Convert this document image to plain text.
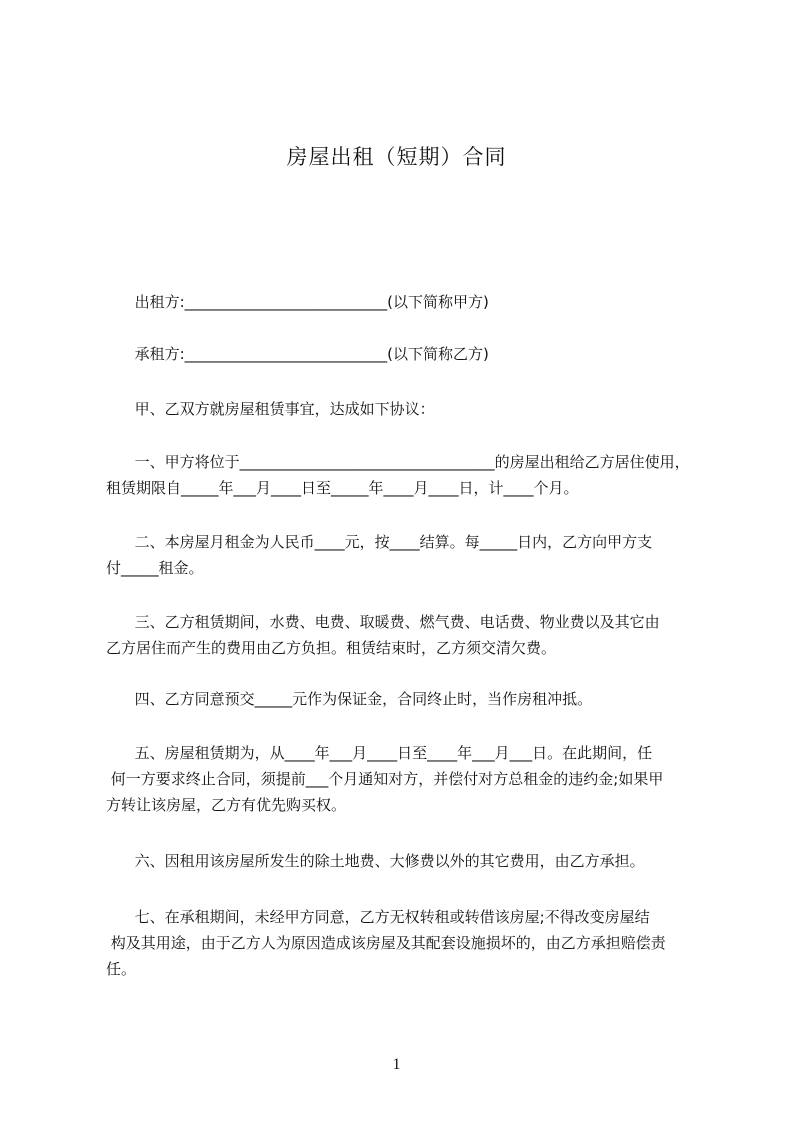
房屋出租（短期）合同

出租方:___________________________(以下简称甲方)

承租方:___________________________(以下简称乙方)

甲、乙双方就房屋租赁事宜，达成如下协议：

一、甲方将位于__________________________________的房屋出租给乙方居住使用，
租赁期限自_____年___月____日至_____年____月____日，计____个月。

二、本房屋月租金为人民币____元，按____结算。每_____日内，乙方向甲方支
付_____租金。

三、乙方租赁期间，水费、电费、取暖费、燃气费、电话费、物业费以及其它由
乙方居住而产生的费用由乙方负担。租赁结束时，乙方须交清欠费。

四、乙方同意预交_____元作为保证金，合同终止时，当作房租冲抵。

五、房屋租赁期为，从____年___月____日至____年___月___日。在此期间，任
何一方要求终止合同，须提前___个月通知对方，并偿付对方总租金的违约金;如果甲
方转让该房屋，乙方有优先购买权。

六、因租用该房屋所发生的除土地费、大修费以外的其它费用，由乙方承担。

七、在承租期间，未经甲方同意，乙方无权转租或转借该房屋;不得改变房屋结
构及其用途，由于乙方人为原因造成该房屋及其配套设施损坏的，由乙方承担赔偿责
任。

1
